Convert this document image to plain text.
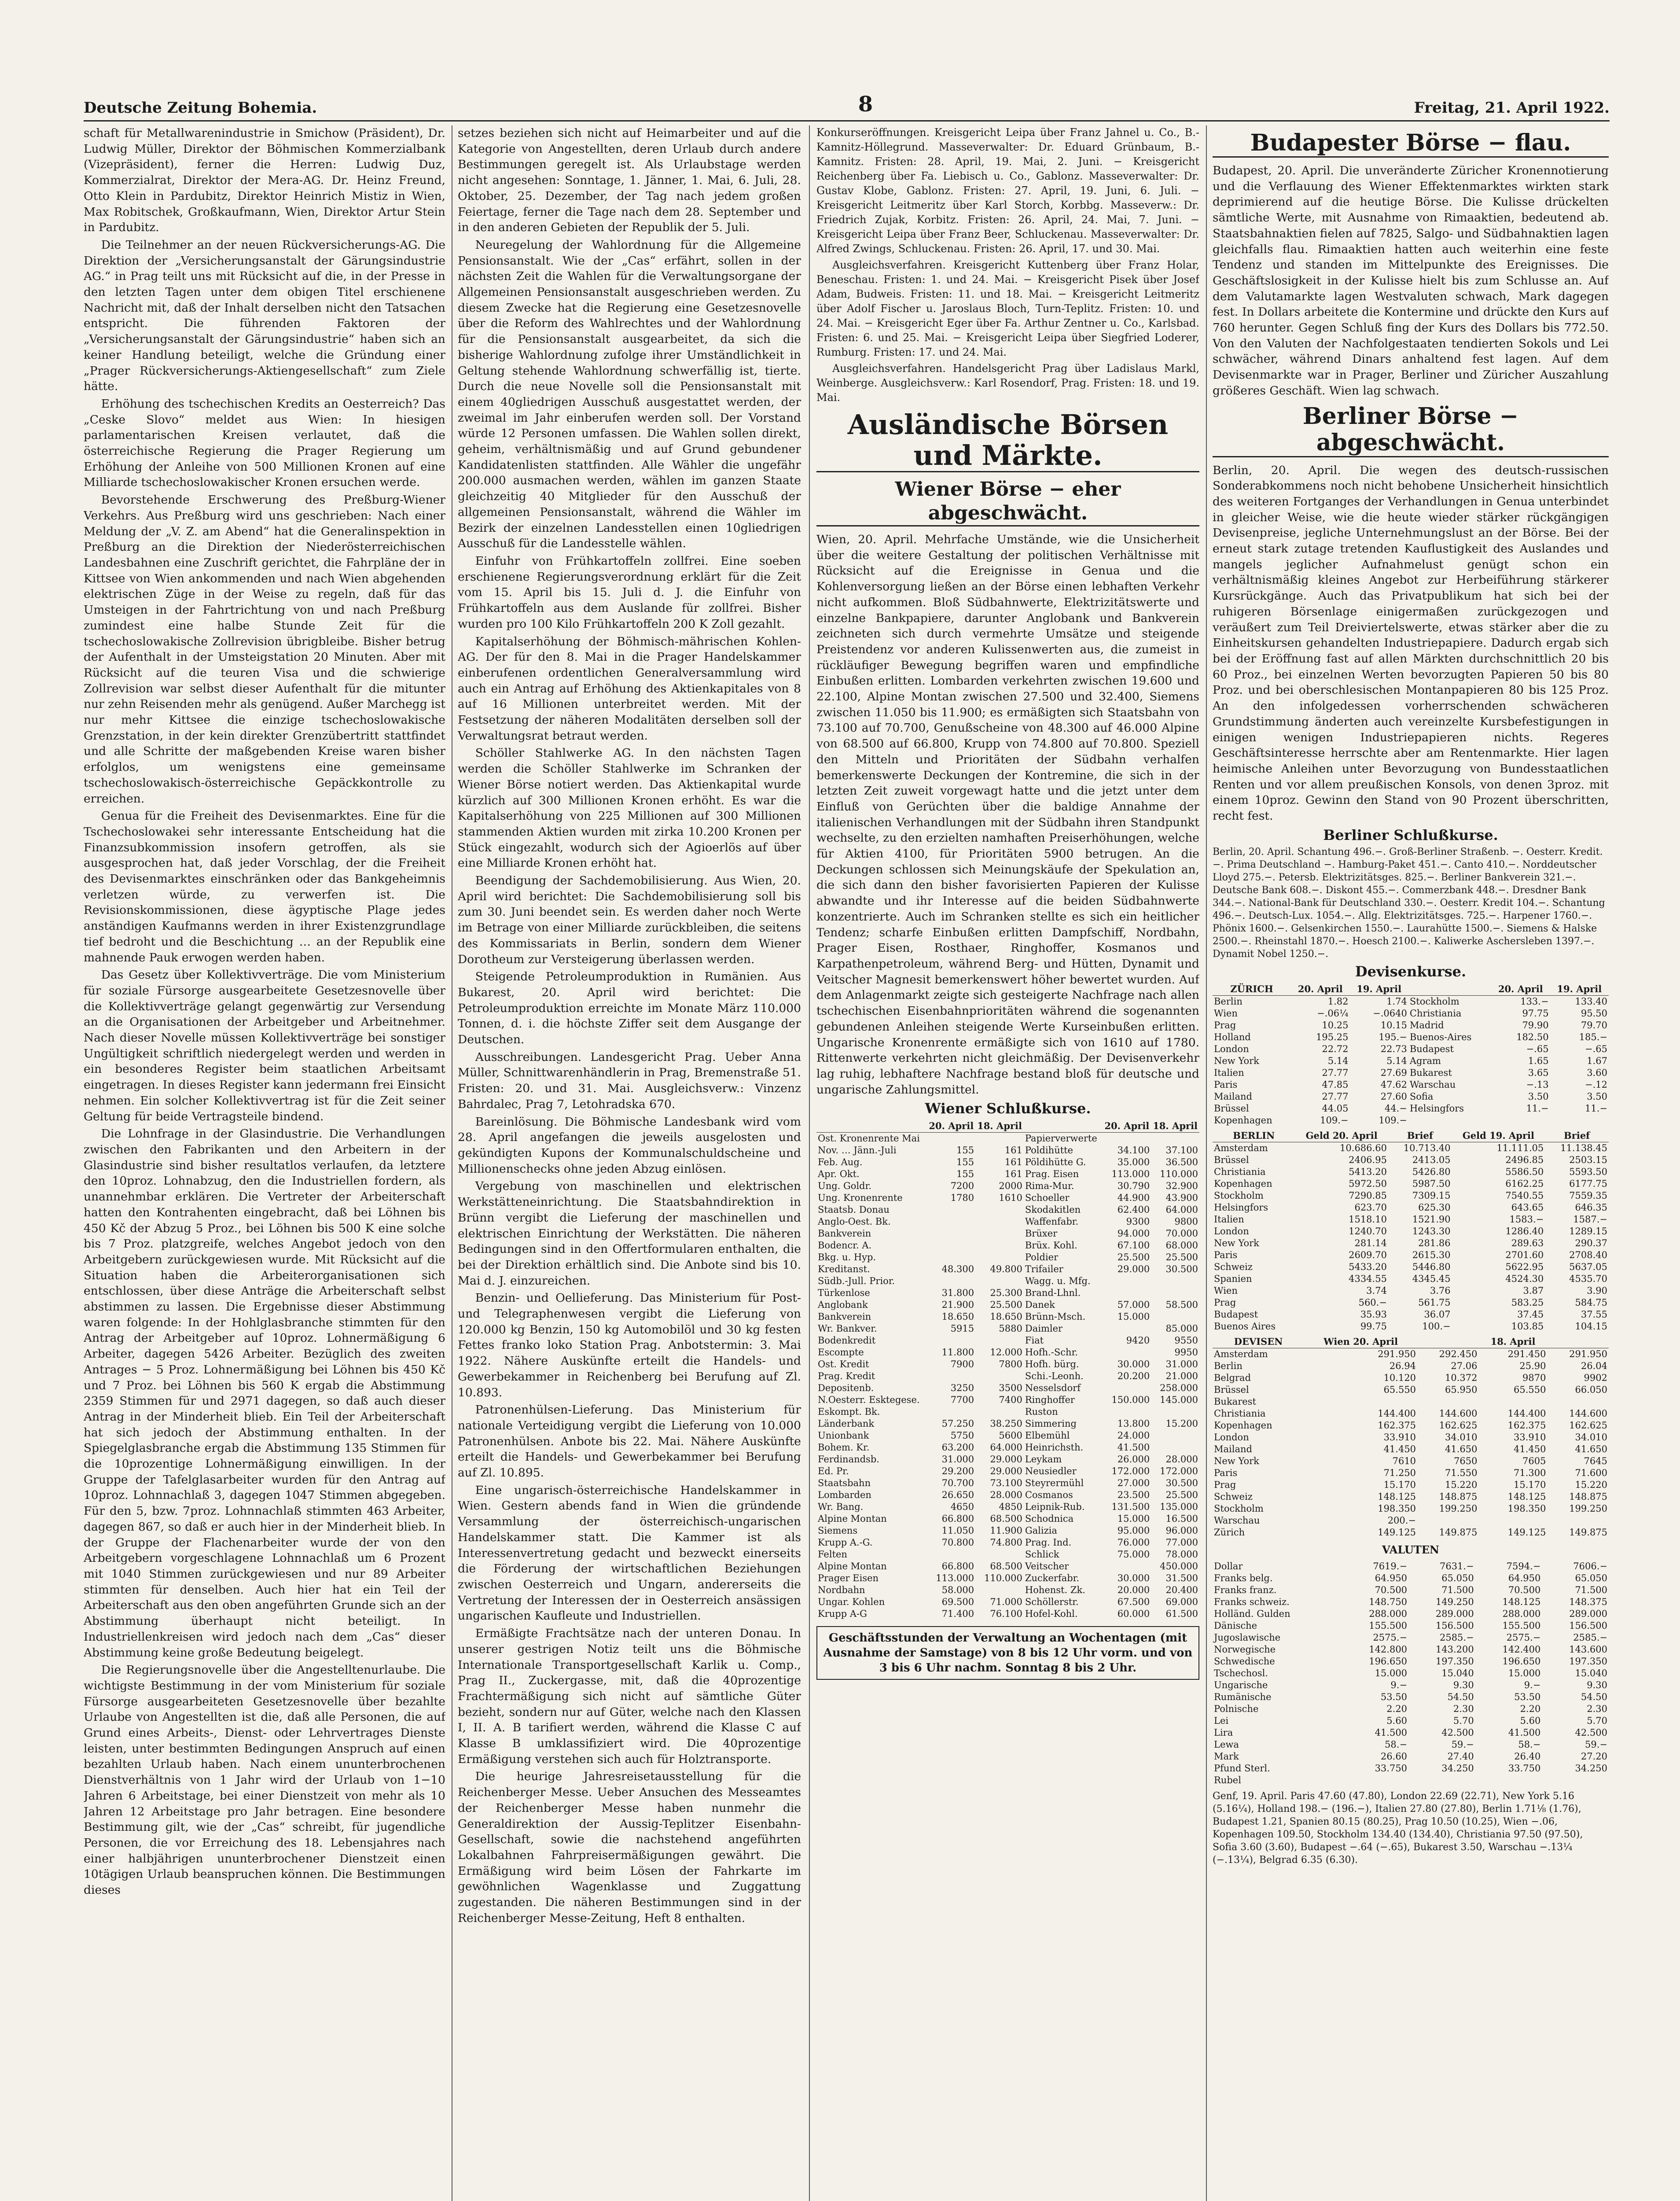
Deutsche Zeitung Bohemia.	8	Freitag, 21. April 1922.

schaft für Metallwarenindustrie in Smichow (Präsident), Dr. Ludwig Müller, Direktor der Böhmischen Kommerzialbank (Vizepräsident), ferner die Herren: Ludwig Duz, Kommerzialrat, Direktor der Mera-AG. Dr. Heinz Freund, Otto Klein in Pardubitz, Direktor Heinrich Mistiz in Wien, Max Robitschek, Großkaufmann, Wien, Direktor Artur Stein in Pardubitz.

Die Teilnehmer an der neuen Rückversicherungs-AG. Die Direktion der „Versicherungsanstalt der Gärungsindustrie AG.“ in Prag teilt uns mit Rücksicht auf die, in der Presse in den letzten Tagen unter dem obigen Titel erschienene Nachricht mit, daß der Inhalt derselben nicht den Tatsachen entspricht. Die führenden Faktoren der „Versicherungsanstalt der Gärungsindustrie“ haben sich an keiner Handlung beteiligt, welche die Gründung einer „Prager Rückversicherungs-Aktiengesellschaft“ zum Ziele hätte.

Erhöhung des tschechischen Kredits an Oesterreich? Das „Ceske Slovo“ meldet aus Wien: In hiesigen parlamentarischen Kreisen verlautet, daß die österreichische Regierung die Prager Regierung um Erhöhung der Anleihe von 500 Millionen Kronen auf eine Milliarde tschechoslowakischer Kronen ersuchen werde.

Bevorstehende Erschwerung des Preßburg-Wiener Verkehrs. Aus Preßburg wird uns geschrieben: Nach einer Meldung der „V. Z. am Abend“ hat die Generalinspektion in Preßburg an die Direktion der Niederösterreichischen Landesbahnen eine Zuschrift gerichtet, die Fahrpläne der in Kittsee von Wien ankommenden und nach Wien abgehenden elektrischen Züge in der Weise zu regeln, daß für das Umsteigen in der Fahrtrichtung von und nach Preßburg zumindest eine halbe Stunde Zeit für die tschechoslowakische Zollrevision übrigbleibe. Bisher betrug der Aufenthalt in der Umsteigstation 20 Minuten. Aber mit Rücksicht auf die teuren Visa und die schwierige Zollrevision war selbst dieser Aufenthalt für die mitunter nur zehn Reisenden mehr als genügend. Außer Marchegg ist nur mehr Kittsee die einzige tschechoslowakische Grenzstation, in der kein direkter Grenzübertritt stattfindet und alle Schritte der maßgebenden Kreise waren bisher erfolglos, um wenigstens eine gemeinsame tschechoslowakisch-österreichische Gepäckkontrolle zu erreichen.

Genua für die Freiheit des Devisenmarktes. Eine für die Tschechoslowakei sehr interessante Entscheidung hat die Finanzsubkommission insofern getroffen, als sie ausgesprochen hat, daß jeder Vorschlag, der die Freiheit des Devisenmarktes einschränken oder das Bankgeheimnis verletzen würde, zu verwerfen ist. Die Revisionskommissionen, diese ägyptische Plage jedes anständigen Kaufmanns werden in ihrer Existenzgrundlage tief bedroht und die Beschichtung … an der Republik eine mahnende Pauk erwogen werden haben.

Das Gesetz über Kollektivverträge. Die vom Ministerium für soziale Fürsorge ausgearbeitete Gesetzesnovelle über die Kollektivverträge gelangt gegenwärtig zur Versendung an die Organisationen der Arbeitgeber und Arbeitnehmer. Nach dieser Novelle müssen Kollektivverträge bei sonstiger Ungültigkeit schriftlich niedergelegt werden und werden in ein besonderes Register beim staatlichen Arbeitsamt eingetragen. In dieses Register kann jedermann frei Einsicht nehmen. Ein solcher Kollektivvertrag ist für die Zeit seiner Geltung für beide Vertragsteile bindend.

Die Lohnfrage in der Glasindustrie. Die Verhandlungen zwischen den Fabrikanten und den Arbeitern in der Glasindustrie sind bisher resultatlos verlaufen, da letztere den 10proz. Lohnabzug, den die Industriellen fordern, als unannehmbar erklären. Die Vertreter der Arbeiterschaft hatten den Kontrahenten eingebracht, daß bei Löhnen bis 450 Kč der Abzug 5 Proz., bei Löhnen bis 500 K eine solche bis 7 Proz. platzgreife, welches Angebot jedoch von den Arbeitgebern zurückgewiesen wurde. Mit Rücksicht auf die Situation haben die Arbeiterorganisationen sich entschlossen, über diese Anträge die Arbeiterschaft selbst abstimmen zu lassen. Die Ergebnisse dieser Abstimmung waren folgende: In der Hohlglasbranche stimmten für den Antrag der Arbeitgeber auf 10proz. Lohnermäßigung 6 Arbeiter, dagegen 5426 Arbeiter. Bezüglich des zweiten Antrages − 5 Proz. Lohnermäßigung bei Löhnen bis 450 Kč und 7 Proz. bei Löhnen bis 560 K ergab die Abstimmung 2359 Stimmen für und 2971 dagegen, so daß auch dieser Antrag in der Minderheit blieb. Ein Teil der Arbeiterschaft hat sich jedoch der Abstimmung enthalten. In der Spiegelglasbranche ergab die Abstimmung 135 Stimmen für die 10prozentige Lohnermäßigung einwilligen. In der Gruppe der Tafelglasarbeiter wurden für den Antrag auf 10proz. Lohnnachlaß 3, dagegen 1047 Stimmen abgegeben. Für den 5, bzw. 7proz. Lohnnachlaß stimmten 463 Arbeiter, dagegen 867, so daß er auch hier in der Minderheit blieb. In der Gruppe der Flachenarbeiter wurde der von den Arbeitgebern vorgeschlagene Lohnnachlaß um 6 Prozent mit 1040 Stimmen zurückgewiesen und nur 89 Arbeiter stimmten für denselben. Auch hier hat ein Teil der Arbeiterschaft aus den oben angeführten Grunde sich an der Abstimmung überhaupt nicht beteiligt. In Industriellenkreisen wird jedoch nach dem „Cas“ dieser Abstimmung keine große Bedeutung beigelegt.

Die Regierungsnovelle über die Angestelltenurlaube. Die wichtigste Bestimmung in der vom Ministerium für soziale Fürsorge ausgearbeiteten Gesetzesnovelle über bezahlte Urlaube von Angestellten ist die, daß alle Personen, die auf Grund eines Arbeits-, Dienst- oder Lehrvertrages Dienste leisten, unter bestimmten Bedingungen Anspruch auf einen bezahlten Urlaub haben. Nach einem ununterbrochenen Dienstverhältnis von 1 Jahr wird der Urlaub von 1−10 Jahren 6 Arbeitstage, bei einer Dienstzeit von mehr als 10 Jahren 12 Arbeitstage pro Jahr betragen. Eine besondere Bestimmung gilt, wie der „Cas“ schreibt, für jugendliche Personen, die vor Erreichung des 18. Lebensjahres nach einer halbjährigen ununterbrochener Dienstzeit einen 10tägigen Urlaub beanspruchen können. Die Bestimmungen dieses

setzes beziehen sich nicht auf Heimarbeiter und auf die Kategorie von Angestellten, deren Urlaub durch andere Bestimmungen geregelt ist. Als Urlaubstage werden nicht angesehen: Sonntage, 1. Jänner, 1. Mai, 6. Juli, 28. Oktober, 25. Dezember, der Tag nach jedem großen Feiertage, ferner die Tage nach dem 28. September und in den anderen Gebieten der Republik der 5. Juli.

Neuregelung der Wahlordnung für die Allgemeine Pensionsanstalt. Wie der „Cas“ erfährt, sollen in der nächsten Zeit die Wahlen für die Verwaltungsorgane der Allgemeinen Pensionsanstalt ausgeschrieben werden. Zu diesem Zwecke hat die Regierung eine Gesetzesnovelle über die Reform des Wahlrechtes und der Wahlordnung für die Pensionsanstalt ausgearbeitet, da sich die bisherige Wahlordnung zufolge ihrer Umständlichkeit in Geltung stehende Wahlordnung schwerfällig ist, tierte. Durch die neue Novelle soll die Pensionsanstalt mit einem 40gliedrigen Ausschuß ausgestattet werden, der zweimal im Jahr einberufen werden soll. Der Vorstand würde 12 Personen umfassen. Die Wahlen sollen direkt, geheim, verhältnismäßig und auf Grund gebundener Kandidatenlisten stattfinden. Alle Wähler die ungefähr 200.000 ausmachen werden, wählen im ganzen Staate gleichzeitig 40 Mitglieder für den Ausschuß der allgemeinen Pensionsanstalt, während die Wähler im Bezirk der einzelnen Landesstellen einen 10gliedrigen Ausschuß für die Landesstelle wählen.

Einfuhr von Frühkartoffeln zollfrei. Eine soeben erschienene Regierungsverordnung erklärt für die Zeit vom 15. April bis 15. Juli d. J. die Einfuhr von Frühkartoffeln aus dem Auslande für zollfrei. Bisher wurden pro 100 Kilo Frühkartoffeln 200 K Zoll gezahlt.

Kapitalserhöhung der Böhmisch-mährischen Kohlen-AG. Der für den 8. Mai in die Prager Handelskammer einberufenen ordentlichen Generalversammlung wird auch ein Antrag auf Erhöhung des Aktienkapitales von 8 auf 16 Millionen unterbreitet werden. Mit der Festsetzung der näheren Modalitäten derselben soll der Verwaltungsrat betraut werden.

Schöller Stahlwerke AG. In den nächsten Tagen werden die Schöller Stahlwerke im Schranken der Wiener Börse notiert werden. Das Aktienkapital wurde kürzlich auf 300 Millionen Kronen erhöht. Es war die Kapitalserhöhung von 225 Millionen auf 300 Millionen stammenden Aktien wurden mit zirka 10.200 Kronen per Stück eingezahlt, wodurch sich der Agioerlös auf über eine Milliarde Kronen erhöht hat.

Beendigung der Sachdemobilisierung. Aus Wien, 20. April wird berichtet: Die Sachdemobilisierung soll bis zum 30. Juni beendet sein. Es werden daher noch Werte im Betrage von einer Milliarde zurückbleiben, die seitens des Kommissariats in Berlin, sondern dem Wiener Dorotheum zur Versteigerung überlassen werden.

Steigende Petroleumproduktion in Rumänien. Aus Bukarest, 20. April wird berichtet: Die Petroleumproduktion erreichte im Monate März 110.000 Tonnen, d. i. die höchste Ziffer seit dem Ausgange der Deutschen.

Ausschreibungen. Landesgericht Prag. Ueber Anna Müller, Schnittwarenhändlerin in Prag, Bremenstraße 51. Fristen: 20. und 31. Mai. Ausgleichsverw.: Vinzenz Bahrdalec, Prag 7, Letohradska 670.

Bareinlösung. Die Böhmische Landesbank wird vom 28. April angefangen die jeweils ausgelosten und gekündigten Kupons der Kommunalschuldscheine und Millionenschecks ohne jeden Abzug einlösen.

Vergebung von maschinellen und elektrischen Werkstätteneinrichtung. Die Staatsbahndirektion in Brünn vergibt die Lieferung der maschinellen und elektrischen Einrichtung der Werkstätten. Die näheren Bedingungen sind in den Offertformularen enthalten, die bei der Direktion erhältlich sind. Die Anbote sind bis 10. Mai d. J. einzureichen.

Benzin- und Oellieferung. Das Ministerium für Post- und Telegraphenwesen vergibt die Lieferung von 120.000 kg Benzin, 150 kg Automobilöl und 30 kg festen Fettes franko loko Station Prag. Anbotstermin: 3. Mai 1922. Nähere Auskünfte erteilt die Handels- und Gewerbekammer in Reichenberg bei Berufung auf Zl. 10.893.

Patronenhülsen-Lieferung. Das Ministerium für nationale Verteidigung vergibt die Lieferung von 10.000 Patronenhülsen. Anbote bis 22. Mai. Nähere Auskünfte erteilt die Handels- und Gewerbekammer bei Berufung auf Zl. 10.895.

Eine ungarisch-österreichische Handelskammer in Wien. Gestern abends fand in Wien die gründende Versammlung der österreichisch-ungarischen Handelskammer statt. Die Kammer ist als Interessenvertretung gedacht und bezweckt einerseits die Förderung der wirtschaftlichen Beziehungen zwischen Oesterreich und Ungarn, andererseits die Vertretung der Interessen der in Oesterreich ansässigen ungarischen Kaufleute und Industriellen.

Ermäßigte Frachtsätze nach der unteren Donau. In unserer gestrigen Notiz teilt uns die Böhmische Internationale Transportgesellschaft Karlik u. Comp., Prag II., Zuckergasse, mit, daß die 40prozentige Frachtermäßigung sich nicht auf sämtliche Güter bezieht, sondern nur auf Güter, welche nach den Klassen I, II. A. B tarifiert werden, während die Klasse C auf Klasse B umklassifiziert wird. Die 40prozentige Ermäßigung verstehen sich auch für Holztransporte.

Die heurige Jahresreisetausstellung für die Reichenberger Messe. Ueber Ansuchen des Messeamtes der Reichenberger Messe haben nunmehr die Generaldirektion der Aussig-Teplitzer Eisenbahn-Gesellschaft, sowie die nachstehend angeführten Lokalbahnen Fahrpreisermäßigungen gewährt. Die Ermäßigung wird beim Lösen der Fahrkarte im gewöhnlichen Wagenklasse und Zuggattung zugestanden. Die näheren Bestimmungen sind in der Reichenberger Messe-Zeitung, Heft 8 enthalten.

Konkurseröffnungen. Kreisgericht Leipa über Franz Jahnel u. Co., B.-Kamnitz-Höllegrund. Masseverwalter: Dr. Eduard Grünbaum, B.-Kamnitz. Fristen: 28. April, 19. Mai, 2. Juni. − Kreisgericht Reichenberg über Fa. Liebisch u. Co., Gablonz. Masseverwalter: Dr. Gustav Klobe, Gablonz. Fristen: 27. April, 19. Juni, 6. Juli. − Kreisgericht Leitmeritz über Karl Storch, Korbbg. Masseverw.: Dr. Friedrich Zujak, Korbitz. Fristen: 26. April, 24. Mai, 7. Juni. − Kreisgericht Leipa über Franz Beer, Schluckenau. Masseverwalter: Dr. Alfred Zwings, Schluckenau. Fristen: 26. April, 17. und 30. Mai.

Ausgleichsverfahren. Kreisgericht Kuttenberg über Franz Holar, Beneschau. Fristen: 1. und 24. Mai. − Kreisgericht Pisek über Josef Adam, Budweis. Fristen: 11. und 18. Mai. − Kreisgericht Leitmeritz über Adolf Fischer u. Jaroslaus Bloch, Turn-Teplitz. Fristen: 10. und 24. Mai. − Kreisgericht Eger über Fa. Arthur Zentner u. Co., Karlsbad. Fristen: 6. und 25. Mai. − Kreisgericht Leipa über Siegfried Loderer, Rumburg. Fristen: 17. und 24. Mai.

Ausgleichsverfahren. Handelsgericht Prag über Ladislaus Markl, Weinberge. Ausgleichsverw.: Karl Rosendorf, Prag. Fristen: 18. und 19. Mai.

Ausländische Börsen und Märkte.
Wiener Börse − eher abgeschwächt.

Wien, 20. April. Mehrfache Umstände, wie die Unsicherheit über die weitere Gestaltung der politischen Verhältnisse mit Rücksicht auf die Ereignisse in Genua und die Kohlenversorgung ließen an der Börse einen lebhaften Verkehr nicht aufkommen. Bloß Südbahnwerte, Elektrizitätswerte und einzelne Bankpapiere, darunter Anglobank und Bankverein zeichneten sich durch vermehrte Umsätze und steigende Preistendenz vor anderen Kulissenwerten aus, die zumeist in rückläufiger Bewegung begriffen waren und empfindliche Einbußen erlitten. Lombarden verkehrten zwischen 19.600 und 22.100, Alpine Montan zwischen 27.500 und 32.400, Siemens zwischen 11.050 bis 11.900; es ermäßigten sich Staatsbahn von 73.100 auf 70.700, Genußscheine von 48.300 auf 46.000 Alpine von 68.500 auf 66.800, Krupp von 74.800 auf 70.800. Speziell den Mitteln und Prioritäten der Südbahn verhalfen bemerkenswerte Deckungen der Kontremine, die sich in der letzten Zeit zuweit vorgewagt hatte und die jetzt unter dem Einfluß von Gerüchten über die baldige Annahme der italienischen Verhandlungen mit der Südbahn ihren Standpunkt wechselte, zu den erzielten namhaften Preiserhöhungen, welche für Aktien 4100, für Prioritäten 5900 betrugen. An die Deckungen schlossen sich Meinungskäufe der Spekulation an, die sich dann den bisher favorisierten Papieren der Kulisse abwandte und ihr Interesse auf die beiden Südbahnwerte konzentrierte. Auch im Schranken stellte es sich ein heitlicher Tendenz; scharfe Einbußen erlitten Dampfschiff, Nordbahn, Prager Eisen, Rosthaer, Ringhoffer, Kosmanos und Karpathenpetroleum, während Berg- und Hütten, Dynamit und Veitscher Magnesit bemerkenswert höher bewertet wurden. Auf dem Anlagenmarkt zeigte sich gesteigerte Nachfrage nach allen tschechischen Eisenbahnprioritäten während die sogenannten gebundenen Anleihen steigende Werte Kurseinbußen erlitten. Ungarische Kronenrente ermäßigte sich von 1610 auf 1780. Rittenwerte verkehrten nicht gleichmäßig. Der Devisenverkehr lag ruhig, lebhaftere Nachfrage bestand bloß für deutsche und ungarische Zahlungsmittel.

Wiener Schlußkurse.
	20. April	18. April		20. April	18. April
Ost. Kronenrente Mai			Papierverwerte		
Nov. … Jänn.-Juli	155	161	Poldihütte	34.100	37.100
Feb. Aug.	155	161	Pöldihütte G.	35.000	36.500
Apr. Okt.	155	161	Prag. Eisen	113.000	110.000
Ung. Goldr.	7200	2000	Rima-Mur.	30.790	32.900
Ung. Kronenrente	1780	1610	Schoeller	44.900	43.900
Staatsb. Donau			Skodakitlen	62.400	64.000
Anglo-Oest. Bk.			Waffenfabr.	9300	9800
Bankverein			Brüxer	94.000	70.000
Bodencr. A.			Brüx. Kohl.	67.100	68.000
Bkg. u. Hyp.			Poldier	25.500	25.500
Kreditanst.	48.300	49.800	Trifailer	29.000	30.500
Südb.-Jull. Prior.			Wagg. u. Mfg.		
Türkenlose	31.800	25.300	Brand-Lhnl.		
Anglobank	21.900	25.500	Danek	57.000	58.500
Bankverein	18.650	18.650	Brünn-Msch.	15.000	
Wr. Bankver.	5915	5880	Daimler		85.000
Bodenkredit			Fiat	9420	9550
Escompte	11.800	12.000	Hofh.-Schr.		9950
Ost. Kredit	7900	7800	Hofh. bürg.	30.000	31.000
Prag. Kredit			Schi.-Leonh.	20.200	21.000
Depositenb.	3250	3500	Nesselsdorf		258.000
N.Oesterr. Esktegese.	7700	7400	Ringhoffer	150.000	145.000
Eskompt. Bk.			Ruston		
Länderbank	57.250	38.250	Simmering	13.800	15.200
Unionbank	5750	5600	Elbemühl	24.000	
Bohem. Kr.	63.200	64.000	Heinrichsth.	41.500	
Ferdinandsb.	31.000	29.000	Leykam	26.000	28.000
Ed. Pr.	29.200	29.000	Neusiedler	172.000	172.000
Staatsbahn	70.700	73.100	Steyrermühl	27.000	30.500
Lombarden	26.650	28.000	Cosmanos	23.500	25.500
Wr. Bang.	4650	4850	Leipnik-Rub.	131.500	135.000
Alpine Montan	66.800	68.500	Schodnica	15.000	16.500
Siemens	11.050	11.900	Galizia	95.000	96.000
Krupp A.-G.	70.800	74.800	Prag. Ind.	76.000	77.000
Felten			Schlick	75.000	78.000
Alpine Montan	66.800	68.500	Veitscher		450.000
Prager Eisen	113.000	110.000	Zuckerfabr.	30.000	31.500
Nordbahn	58.000		Hohenst. Zk.	20.000	20.400
Ungar. Kohlen	69.500	71.000	Schöllerstr.	67.500	69.000
Krupp A-G	71.400	76.100	Hofel-Kohl.	60.000	61.500
Geschäftsstunden der Verwaltung an Wochentagen (mit Ausnahme der Samstage) von 8 bis 12 Uhr vorm. und von 3 bis 6 Uhr nachm. Sonntag 8 bis 2 Uhr.
Budapester Börse − flau.

Budapest, 20. April. Die unveränderte Züricher Kronennotierung und die Verflauung des Wiener Effektenmarktes wirkten stark deprimierend auf die heutige Börse. Die Kulisse drückelten sämtliche Werte, mit Ausnahme von Rimaaktien, bedeutend ab. Staatsbahnaktien fielen auf 7825, Salgo- und Südbahnaktien lagen gleichfalls flau. Rimaaktien hatten auch weiterhin eine feste Tendenz und standen im Mittelpunkte des Ereignisses. Die Geschäftslosigkeit in der Kulisse hielt bis zum Schlusse an. Auf dem Valutamarkte lagen Westvaluten schwach, Mark dagegen fest. In Dollars arbeitete die Kontermine und drückte den Kurs auf 760 herunter. Gegen Schluß fing der Kurs des Dollars bis 772.50. Von den Valuten der Nachfolgestaaten tendierten Sokols und Lei schwächer, während Dinars anhaltend fest lagen. Auf dem Devisenmarkte war in Prager, Berliner und Züricher Auszahlung größeres Geschäft. Wien lag schwach.

Berliner Börse − abgeschwächt.

Berlin, 20. April. Die wegen des deutsch-russischen Sonderabkommens noch nicht behobene Unsicherheit hinsichtlich des weiteren Fortganges der Verhandlungen in Genua unterbindet in gleicher Weise, wie die heute wieder stärker rückgängigen Devisenpreise, jegliche Unternehmungslust an der Börse. Bei der erneut stark zutage tretenden Kauflustigkeit des Auslandes und mangels jeglicher Aufnahmelust genügt schon ein verhältnismäßig kleines Angebot zur Herbeiführung stärkerer Kursrückgänge. Auch das Privatpublikum hat sich bei der ruhigeren Börsenlage einigermaßen zurückgezogen und veräußert zum Teil Dreiviertelswerte, etwas stärker aber die zu Einheitskursen gehandelten Industriepapiere. Dadurch ergab sich bei der Eröffnung fast auf allen Märkten durchschnittlich 20 bis 60 Proz., bei einzelnen Werten bevorzugten Papieren 50 bis 80 Proz. und bei oberschlesischen Montanpapieren 80 bis 125 Proz. An den infolgedessen vorherrschenden schwächeren Grundstimmung änderten auch vereinzelte Kursbefestigungen in einigen wenigen Industriepapieren nichts. Regeres Geschäftsinteresse herrschte aber am Rentenmarkte. Hier lagen heimische Anleihen unter Bevorzugung von Bundesstaatlichen Renten und vor allem preußischen Konsols, von denen 3proz. mit einem 10proz. Gewinn den Stand von 90 Prozent überschritten, recht fest.

Berliner Schlußkurse.

Berlin, 20. April. Schantung 496.−. Groß-Berliner Straßenb. −. Oesterr. Kredit. −. Prima Deutschland −. Hamburg-Paket 451.−. Canto 410.−. Norddeutscher Lloyd 275.−. Petersb. Elektrizitätsges. 825.−. Berliner Bankverein 321.−. Deutsche Bank 608.−. Diskont 455.−. Commerzbank 448.−. Dresdner Bank 344.−. National-Bank für Deutschland 330.−. Oesterr. Kredit 104.−. Schantung 496.−. Deutsch-Lux. 1054.−. Allg. Elektrizitätsges. 725.−. Harpener 1760.−. Phönix 1600.−. Gelsenkirchen 1550.−. Laurahütte 1500.−. Siemens & Halske 2500.−. Rheinstahl 1870.−. Hoesch 2100.−. Kaliwerke Aschersleben 1397.−. Dynamit Nobel 1250.−.

Devisenkurse.
ZÜRICH	20. April	19. April		20. April	19. April
Berlin	1.82	1.74	Stockholm	133.−	133.40
Wien	−.06¼	−.0640	Christiania	97.75	95.50
Prag	10.25	10.15	Madrid	79.90	79.70
Holland	195.25	195.−	Buenos-Aires	182.50	185.−
London	22.72	22.73	Budapest	−.65	−.65
New York	5.14	5.14	Agram	1.65	1.67
Italien	27.77	27.69	Bukarest	3.65	3.60
Paris	47.85	47.62	Warschau	−.13	−.12
Mailand	27.77	27.60	Sofia	3.50	3.50
Brüssel	44.05	44.−	Helsingfors	11.−	11.−
Kopenhagen	109.−	109.−			
BERLIN	Geld 20. April	Brief	Geld 19. April	Brief
Amsterdam	10.686.60	10.713.40	11.111.05	11.138.45
Brüssel	2406.95	2413.05	2496.85	2503.15
Christiania	5413.20	5426.80	5586.50	5593.50
Kopenhagen	5972.50	5987.50	6162.25	6177.75
Stockholm	7290.85	7309.15	7540.55	7559.35
Helsingfors	623.70	625.30	643.65	646.35
Italien	1518.10	1521.90	1583.−	1587.−
London	1240.70	1243.30	1286.40	1289.15
New York	281.14	281.86	289.63	290.37
Paris	2609.70	2615.30	2701.60	2708.40
Schweiz	5433.20	5446.80	5622.95	5637.05
Spanien	4334.55	4345.45	4524.30	4535.70
Wien	3.74	3.76	3.87	3.90
Prag	560.−	561.75	583.25	584.75
Budapest	35.93	36.07	37.45	37.55
Buenos Aires	99.75	100.−	103.85	104.15
DEVISEN	Wien 20. April		18. April	
Amsterdam	291.950	292.450	291.450	291.950
Berlin	26.94	27.06	25.90	26.04
Belgrad	10.120	10.372	9870	9902
Brüssel	65.550	65.950	65.550	66.050
Bukarest				
Christiania	144.400	144.600	144.400	144.600
Kopenhagen	162.375	162.625	162.375	162.625
London	33.910	34.010	33.910	34.010
Mailand	41.450	41.650	41.450	41.650
New York	7610	7650	7605	7645
Paris	71.250	71.550	71.300	71.600
Prag	15.170	15.220	15.170	15.220
Schweiz	148.125	148.875	148.125	148.875
Stockholm	198.350	199.250	198.350	199.250
Warschau	200.−			
Zürich	149.125	149.875	149.125	149.875
VALUTEN
Dollar	7619.−	7631.−	7594.−	7606.−
Franks belg.	64.950	65.050	64.950	65.050
Franks franz.	70.500	71.500	70.500	71.500
Franks schweiz.	148.750	149.250	148.125	148.375
Holländ. Gulden	288.000	289.000	288.000	289.000
Dänische	155.500	156.500	155.500	156.500
Jugoslawische	2575.−	2585.−	2575.−	2585.−
Norwegische	142.800	143.200	142.400	143.600
Schwedische	196.650	197.350	196.650	197.350
Tschechosl.	15.000	15.040	15.000	15.040
Ungarische	9.−	9.30	9.−	9.30
Rumänische	53.50	54.50	53.50	54.50
Polnische	2.20	2.30	2.20	2.30
Lei	5.60	5.70	5.60	5.70
Lira	41.500	42.500	41.500	42.500
Lewa	58.−	59.−	58.−	59.−
Mark	26.60	27.40	26.40	27.20
Pfund Sterl.	33.750	34.250	33.750	34.250
Rubel				

Genf, 19. April. Paris 47.60 (47.80), London 22.69 (22.71), New York 5.16 (5.16¼), Holland 198.− (196.−), Italien 27.80 (27.80), Berlin 1.71⅛ (1.76), Budapest 1.21, Spanien 80.15 (80.25), Prag 10.50 (10.25), Wien −.06, Kopenhagen 109.50, Stockholm 134.40 (134.40), Christiania 97.50 (97.50), Sofia 3.60 (3.60), Budapest −.64 (−.65), Bukarest 3.50, Warschau −.13¼ (−.13¼), Belgrad 6.35 (6.30).
